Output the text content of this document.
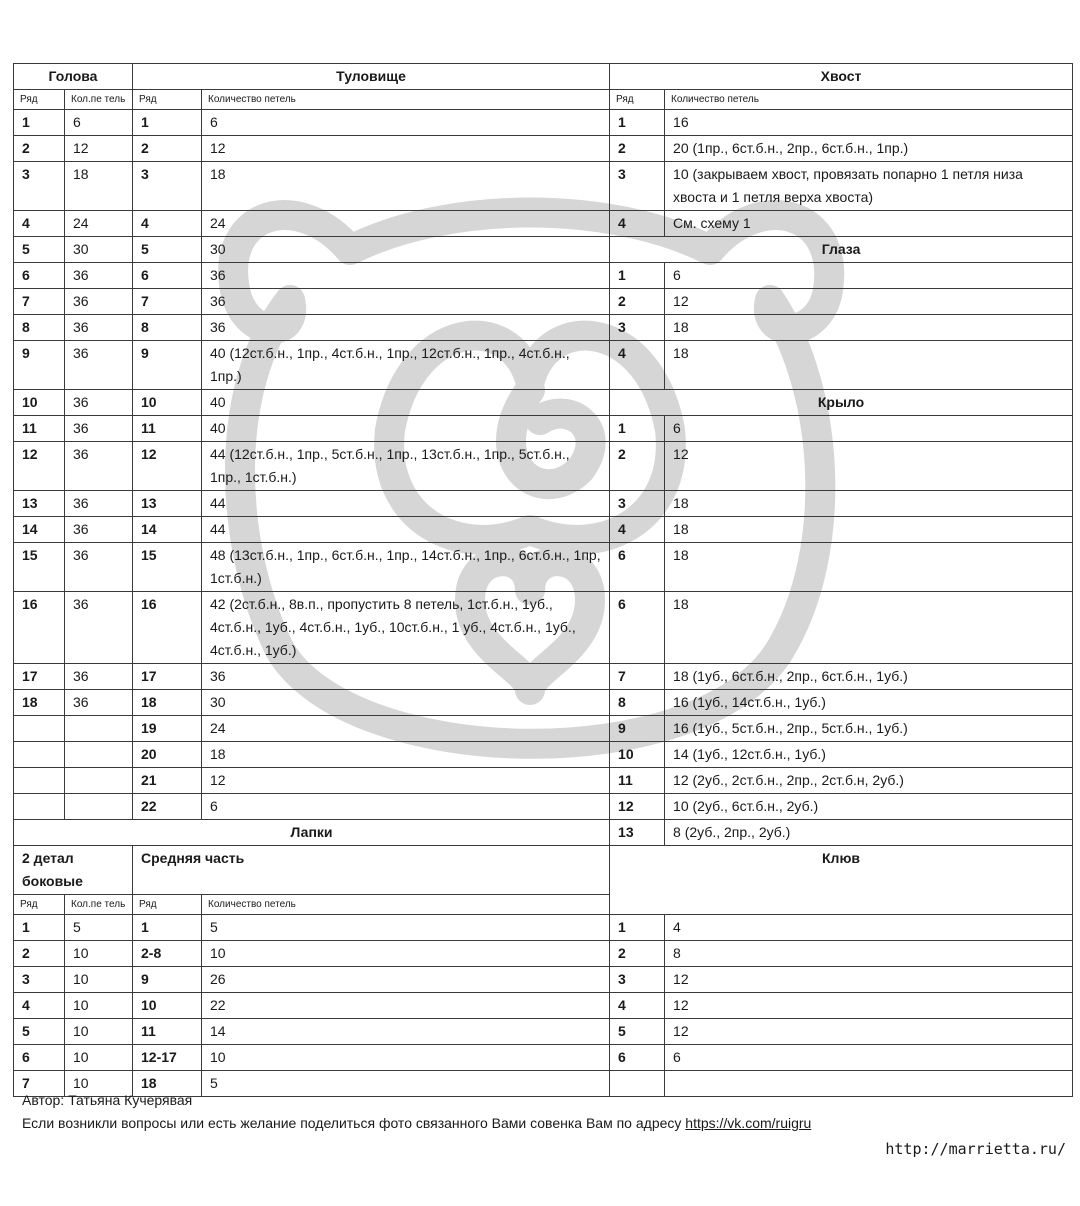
Голова		Туловище		Хвост	
Ряд	Кол.пе тель	Ряд	Количество петель	Ряд	Количество петель
1	6	1	6	1	16
2	12	2	12	2	20 (1пр., 6ст.б.н., 2пр., 6ст.б.н., 1пр.)
3	18	3	18	3	10 (закрываем хвост, провязать попарно 1 петля низа хвоста и 1 петля верха хвоста)
4	24	4	24	4	См. схему 1
5	30	5	30	Глаза	
6	36	6	36	1	6
7	36	7	36	2	12
8	36	8	36	3	18
9	36	9	40 (12ст.б.н., 1пр., 4ст.б.н., 1пр., 12ст.б.н., 1пр., 4ст.б.н., 1пр.)	4	18
10	36	10	40	Крыло	
11	36	11	40	1	6
12	36	12	44 (12ст.б.н., 1пр., 5ст.б.н., 1пр., 13ст.б.н., 1пр., 5ст.б.н., 1пр., 1ст.б.н.)	2	12
13	36	13	44	3	18
14	36	14	44	4	18
15	36	15	48 (13ст.б.н., 1пр., 6ст.б.н., 1пр., 14ст.б.н., 1пр., 6ст.б.н., 1пр, 1ст.б.н.)	6	18
16	36	16	42 (2ст.б.н., 8в.п., пропустить 8 петель, 1ст.б.н., 1уб., 4ст.б.н., 1уб., 4ст.б.н., 1уб., 10ст.б.н., 1 уб., 4ст.б.н., 1уб., 4ст.б.н., 1уб.)	6	18
17	36	17	36	7	18 (1уб., 6ст.б.н., 2пр., 6ст.б.н., 1уб.)
18	36	18	30	8	16 (1уб., 14ст.б.н., 1уб.)
		19	24	9	16 (1уб., 5ст.б.н., 2пр., 5ст.б.н., 1уб.)
		20	18	10	14 (1уб., 12ст.б.н., 1уб.)
		21	12	11	12 (2уб., 2ст.б.н., 2пр., 2ст.б.н, 2уб.)
		22	6	12	10 (2уб., 6ст.б.н., 2уб.)
Лапки				13	8 (2уб., 2пр., 2уб.)
2 детал боковые		Средняя часть		Клюв	
Ряд	Кол.пе тель	Ряд	Количество петель		
1	5	1	5	1	4
2	10	2-8	10	2	8
3	10	9	26	3	12
4	10	10	22	4	12
5	10	11	14	5	12
6	10	12-17	10	6	6
7	10	18	5		
Автор: Татьяна Кучерявая
Если возникли вопросы или есть желание поделиться фото связанного Вами совенка Вам по адресу https://vk.com/ruigru
http://marrietta.ru/
